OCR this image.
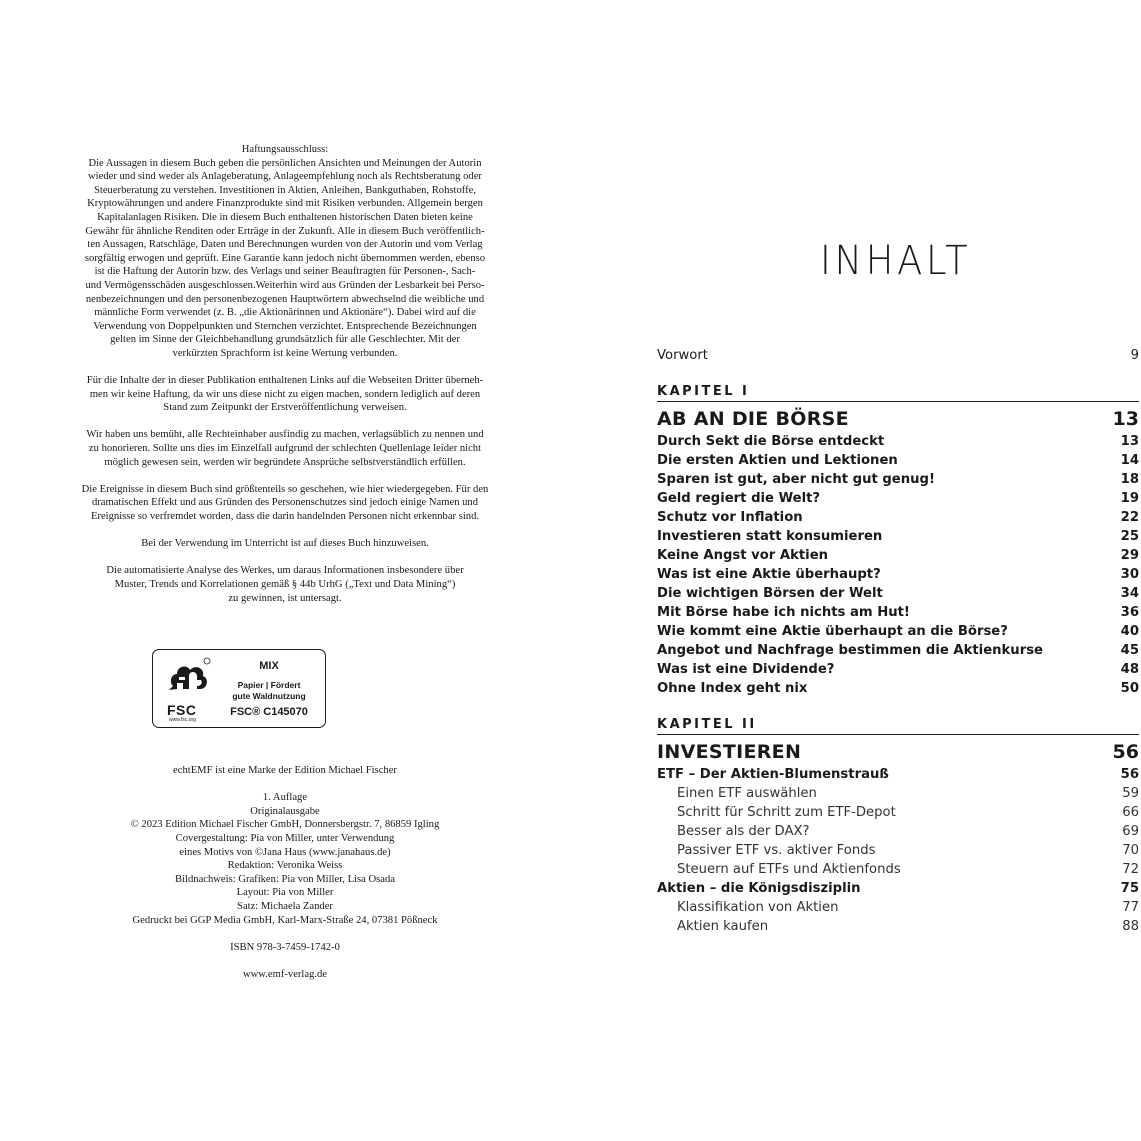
Haftungsausschluss:
Die Aussagen in diesem Buch geben die persönlichen Ansichten und Meinungen der Autorin
wieder und sind weder als Anlageberatung, Anlageempfehlung noch als Rechtsberatung oder
Steuerberatung zu verstehen. Investitionen in Aktien, Anleihen, Bankguthaben, Rohstoffe,
Kryptowährungen und andere Finanzprodukte sind mit Risiken verbunden. Allgemein bergen
Kapitalanlagen Risiken. Die in diesem Buch enthaltenen historischen Daten bieten keine
Gewähr für ähnliche Renditen oder Erträge in der Zukunft. Alle in diesem Buch veröffentlich-
ten Aussagen, Ratschläge, Daten und Berechnungen wurden von der Autorin und vom Verlag
sorgfältig erwogen und geprüft. Eine Garantie kann jedoch nicht übernommen werden, ebenso
ist die Haftung der Autorin bzw. des Verlags und seiner Beauftragten für Personen-, Sach-
und Vermögensschäden ausgeschlossen.Weiterhin wird aus Gründen der Lesbarkeit bei Perso-
nenbezeichnungen und den personenbezogenen Hauptwörtern abwechselnd die weibliche und
männliche Form verwendet (z. B. „die Aktionärinnen und Aktionäre“). Dabei wird auf die
Verwendung von Doppelpunkten und Sternchen verzichtet. Entsprechende Bezeichnungen
gelten im Sinne der Gleichbehandlung grundsätzlich für alle Geschlechter. Mit der
verkürzten Sprachform ist keine Wertung verbunden.
Für die Inhalte der in dieser Publikation enthaltenen Links auf die Webseiten Dritter überneh-
men wir keine Haftung, da wir uns diese nicht zu eigen machen, sondern lediglich auf deren
Stand zum Zeitpunkt der Erstveröffentlichung verweisen.
Wir haben uns bemüht, alle Rechteinhaber ausfindig zu machen, verlagsüblich zu nennen und
zu honorieren. Sollte uns dies im Einzelfall aufgrund der schlechten Quellenlage leider nicht
möglich gewesen sein, werden wir begründete Ansprüche selbstverständlich erfüllen.
Die Ereignisse in diesem Buch sind größtenteils so geschehen, wie hier wiedergegeben. Für den
dramatischen Effekt und aus Gründen des Personenschutzes sind jedoch einige Namen und
Ereignisse so verfremdet worden, dass die darin handelnden Personen nicht erkennbar sind.
Bei der Verwendung im Unterricht ist auf dieses Buch hinzuweisen.
Die automatisierte Analyse des Werkes, um daraus Informationen insbesondere über
Muster, Trends und Korrelationen gemäß § 44b UrhG („Text und Data Mining“)
zu gewinnen, ist untersagt.
FSC
www.fsc.org
MIX
Papier | Fördert
gute Waldnutzung
FSC® C145070
echtEMF ist eine Marke der Edition Michael Fischer
1. Auflage
Originalausgabe
© 2023 Edition Michael Fischer GmbH, Donnersbergstr. 7, 86859 Igling
Covergestaltung: Pia von Miller, unter Verwendung
eines Motivs von ©Jana Haus (www.janahaus.de)
Redaktion: Veronika Weiss
Bildnachweis: Grafiken: Pia von Miller, Lisa Osada
Layout: Pia von Miller
Satz: Michaela Zander
Gedruckt bei GGP Media GmbH, Karl-Marx-Straße 24, 07381 Pößneck
ISBN 978-3-7459-1742-0
www.emf-verlag.de
INHALT
Vorwort	9
KAPITEL I
AB AN DIE BÖRSE	13
Durch Sekt die Börse entdeckt	13
Die ersten Aktien und Lektionen	14
Sparen ist gut, aber nicht gut genug!	18
Geld regiert die Welt?	19
Schutz vor Inflation	22
Investieren statt konsumieren	25
Keine Angst vor Aktien	29
Was ist eine Aktie überhaupt?	30
Die wichtigen Börsen der Welt	34
Mit Börse habe ich nichts am Hut!	36
Wie kommt eine Aktie überhaupt an die Börse?	40
Angebot und Nachfrage bestimmen die Aktienkurse	45
Was ist eine Dividende?	48
Ohne Index geht nix	50
KAPITEL II
INVESTIEREN	56
ETF – Der Aktien-Blumenstrauß	56
Einen ETF auswählen	59
Schritt für Schritt zum ETF-Depot	66
Besser als der DAX?	69
Passiver ETF vs. aktiver Fonds	70
Steuern auf ETFs und Aktienfonds	72
Aktien – die Königsdisziplin	75
Klassifikation von Aktien	77
Aktien kaufen	88
